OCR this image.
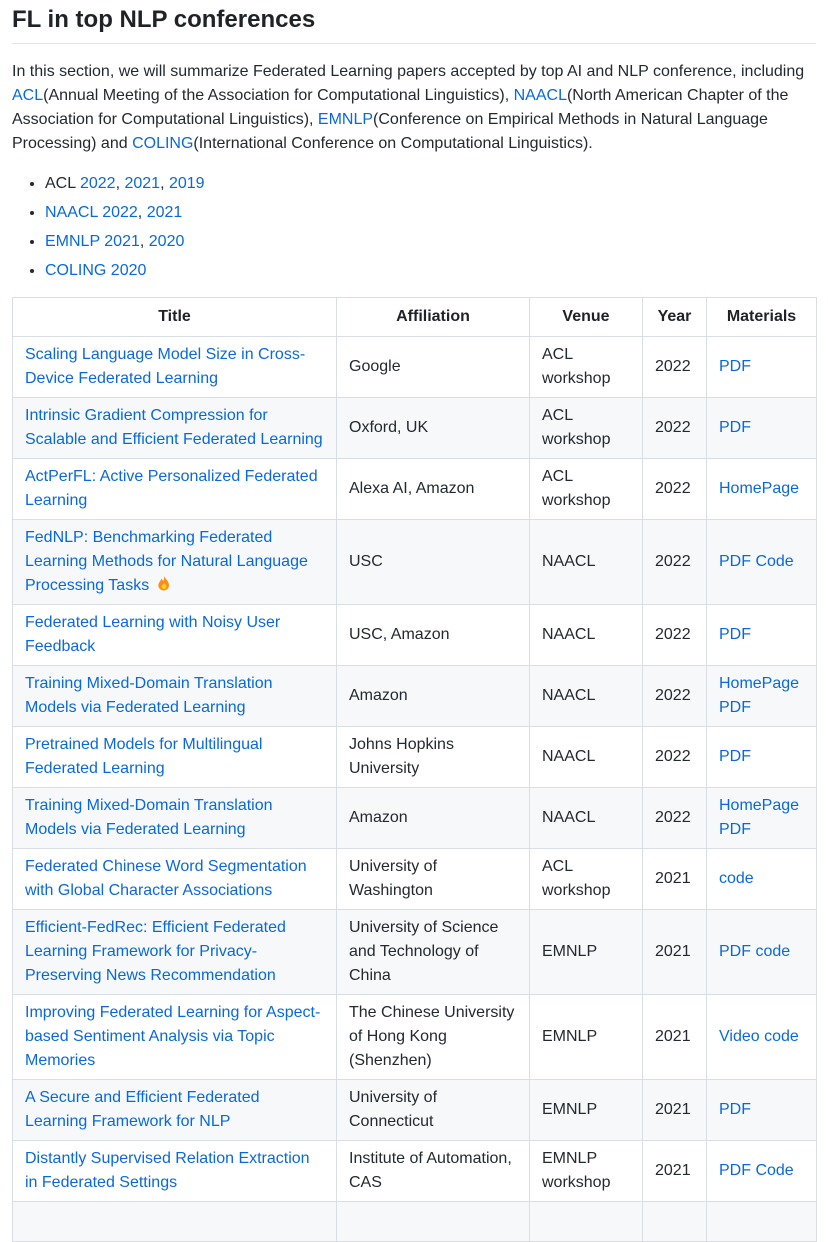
FL in top NLP conferences

In this section, we will summarize Federated Learning papers accepted by top AI and NLP conference, including ACL(Annual Meeting of the Association for Computational Linguistics), NAACL(North American Chapter of the Association for Computational Linguistics), EMNLP(Conference on Empirical Methods in Natural Language Processing) and COLING(International Conference on Computational Linguistics).

• ACL 2022, 2021, 2019
• NAACL 2022, 2021
• EMNLP 2021, 2020
• COLING 2020
Title	Affiliation	Venue	Year	Materials
Scaling Language Model Size in Cross-Device Federated Learning	Google	ACL workshop	2022	PDF
Intrinsic Gradient Compression for Scalable and Efficient Federated Learning	Oxford, UK	ACL workshop	2022	PDF
ActPerFL: Active Personalized Federated Learning	Alexa AI, Amazon	ACL workshop	2022	HomePage
FedNLP: Benchmarking Federated Learning Methods for Natural Language Processing Tasks	USC	NAACL	2022	PDF Code
Federated Learning with Noisy User Feedback	USC, Amazon	NAACL	2022	PDF
Training Mixed-Domain Translation Models via Federated Learning	Amazon	NAACL	2022	HomePage PDF
Pretrained Models for Multilingual Federated Learning	Johns Hopkins University	NAACL	2022	PDF
Training Mixed-Domain Translation Models via Federated Learning	Amazon	NAACL	2022	HomePage PDF
Federated Chinese Word Segmentation with Global Character Associations	University of Washington	ACL workshop	2021	code
Efficient-FedRec: Efficient Federated Learning Framework for Privacy-Preserving News Recommendation	University of Science and Technology of China	EMNLP	2021	PDF code
Improving Federated Learning for Aspect-based Sentiment Analysis via Topic Memories	The Chinese University of Hong Kong (Shenzhen)	EMNLP	2021	Video code
A Secure and Efficient Federated Learning Framework for NLP	University of Connecticut	EMNLP	2021	PDF
Distantly Supervised Relation Extraction in Federated Settings	Institute of Automation, CAS	EMNLP workshop	2021	PDF Code
